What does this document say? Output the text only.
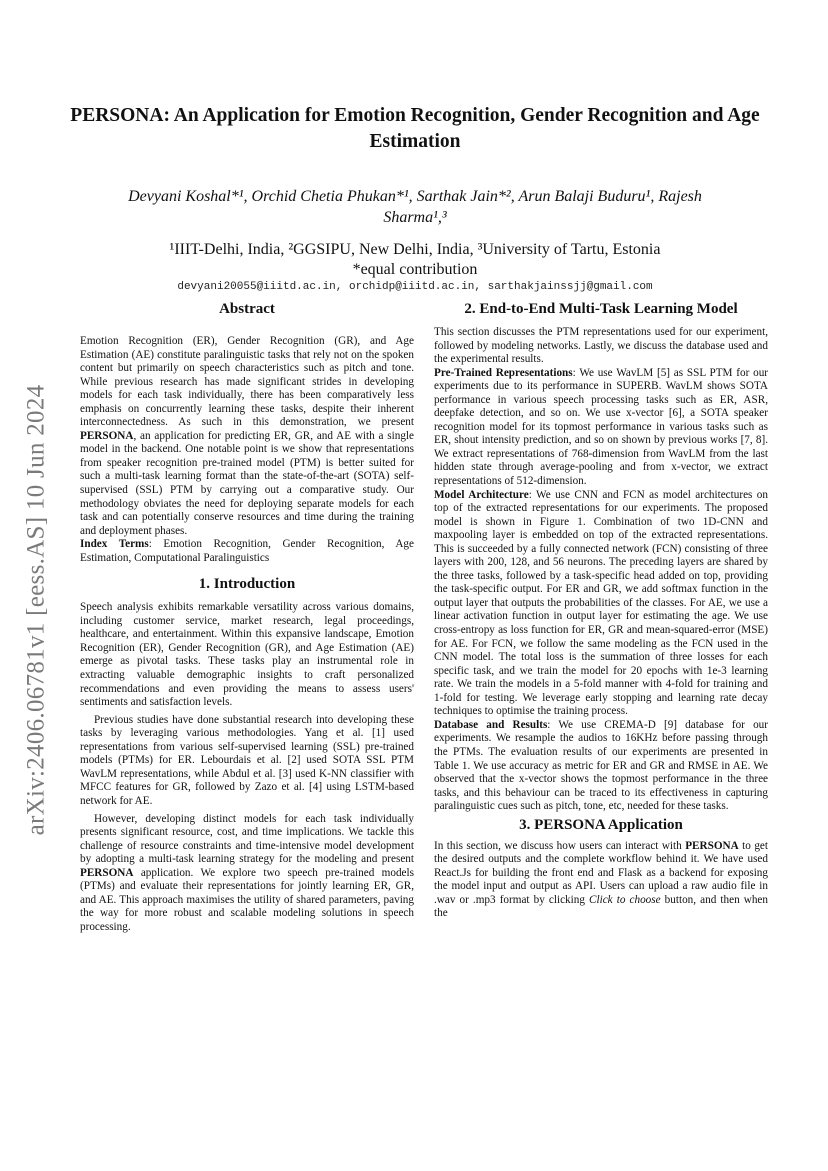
arXiv:2406.06781v1 [eess.AS] 10 Jun 2024
PERSONA: An Application for Emotion Recognition, Gender Recognition and Age Estimation
Devyani Koshal*¹, Orchid Chetia Phukan*¹, Sarthak Jain*², Arun Balaji Buduru¹, Rajesh Sharma¹,³
¹IIIT-Delhi, India, ²GGSIPU, New Delhi, India, ³University of Tartu, Estonia
*equal contribution
devyani20055@iiitd.ac.in, orchidp@iiitd.ac.in, sarthakjainssjj@gmail.com
Abstract

Emotion Recognition (ER), Gender Recognition (GR), and Age Estimation (AE) constitute paralinguistic tasks that rely not on the spoken content but primarily on speech characteristics such as pitch and tone. While previous research has made significant strides in developing models for each task individually, there has been comparatively less emphasis on concurrently learning these tasks, despite their inherent interconnectedness. As such in this demonstration, we present PERSONA, an application for predicting ER, GR, and AE with a single model in the backend. One notable point is we show that representations from speaker recognition pre-trained model (PTM) is better suited for such a multi-task learning format than the state-of-the-art (SOTA) self-supervised (SSL) PTM by carrying out a comparative study. Our methodology obviates the need for deploying separate models for each task and can potentially conserve resources and time during the training and deployment phases.

Index Terms: Emotion Recognition, Gender Recognition, Age Estimation, Computational Paralinguistics

1. Introduction

Speech analysis exhibits remarkable versatility across various domains, including customer service, market research, legal proceedings, healthcare, and entertainment. Within this expansive landscape, Emotion Recognition (ER), Gender Recognition (GR), and Age Estimation (AE) emerge as pivotal tasks. These tasks play an instrumental role in extracting valuable demographic insights to craft personalized recommendations and even providing the means to assess users' sentiments and satisfaction levels.

Previous studies have done substantial research into developing these tasks by leveraging various methodologies. Yang et al. [1] used representations from various self-supervised learning (SSL) pre-trained models (PTMs) for ER. Lebourdais et al. [2] used SOTA SSL PTM WavLM representations, while Abdul et al. [3] used K-NN classifier with MFCC features for GR, followed by Zazo et al. [4] using LSTM-based network for AE.

However, developing distinct models for each task individually presents significant resource, cost, and time implications. We tackle this challenge of resource constraints and time-intensive model development by adopting a multi-task learning strategy for the modeling and present PERSONA application. We explore two speech pre-trained models (PTMs) and evaluate their representations for jointly learning ER, GR, and AE. This approach maximises the utility of shared parameters, paving the way for more robust and scalable modeling solutions in speech processing.

2. End-to-End Multi-Task Learning Model

This section discusses the PTM representations used for our experiment, followed by modeling networks. Lastly, we discuss the database used and the experimental results.

Pre-Trained Representations: We use WavLM [5] as SSL PTM for our experiments due to its performance in SUPERB. WavLM shows SOTA performance in various speech processing tasks such as ER, ASR, deepfake detection, and so on. We use x-vector [6], a SOTA speaker recognition model for its topmost performance in various tasks such as ER, shout intensity prediction, and so on shown by previous works [7, 8]. We extract representations of 768-dimension from WavLM from the last hidden state through average-pooling and from x-vector, we extract representations of 512-dimension.

Model Architecture: We use CNN and FCN as model architectures on top of the extracted representations for our experiments. The proposed model is shown in Figure 1. Combination of two 1D-CNN and maxpooling layer is embedded on top of the extracted representations. This is succeeded by a fully connected network (FCN) consisting of three layers with 200, 128, and 56 neurons. The preceding layers are shared by the three tasks, followed by a task-specific head added on top, providing the task-specific output. For ER and GR, we add softmax function in the output layer that outputs the probabilities of the classes. For AE, we use a linear activation function in output layer for estimating the age. We use cross-entropy as loss function for ER, GR and mean-squared-error (MSE) for AE. For FCN, we follow the same modeling as the FCN used in the CNN model. The total loss is the summation of three losses for each specific task, and we train the model for 20 epochs with 1e-3 learning rate. We train the models in a 5-fold manner with 4-fold for training and 1-fold for testing. We leverage early stopping and learning rate decay techniques to optimise the training process.

Database and Results: We use CREMA-D [9] database for our experiments. We resample the audios to 16KHz before passing through the PTMs. The evaluation results of our experiments are presented in Table 1. We use accuracy as metric for ER and GR and RMSE in AE. We observed that the x-vector shows the topmost performance in the three tasks, and this behaviour can be traced to its effectiveness in capturing paralinguistic cues such as pitch, tone, etc, needed for these tasks.

3. PERSONA Application

In this section, we discuss how users can interact with PERSONA to get the desired outputs and the complete workflow behind it. We have used React.Js for building the front end and Flask as a backend for exposing the model input and output as API. Users can upload a raw audio file in .wav or .mp3 format by clicking Click to choose button, and then when the
